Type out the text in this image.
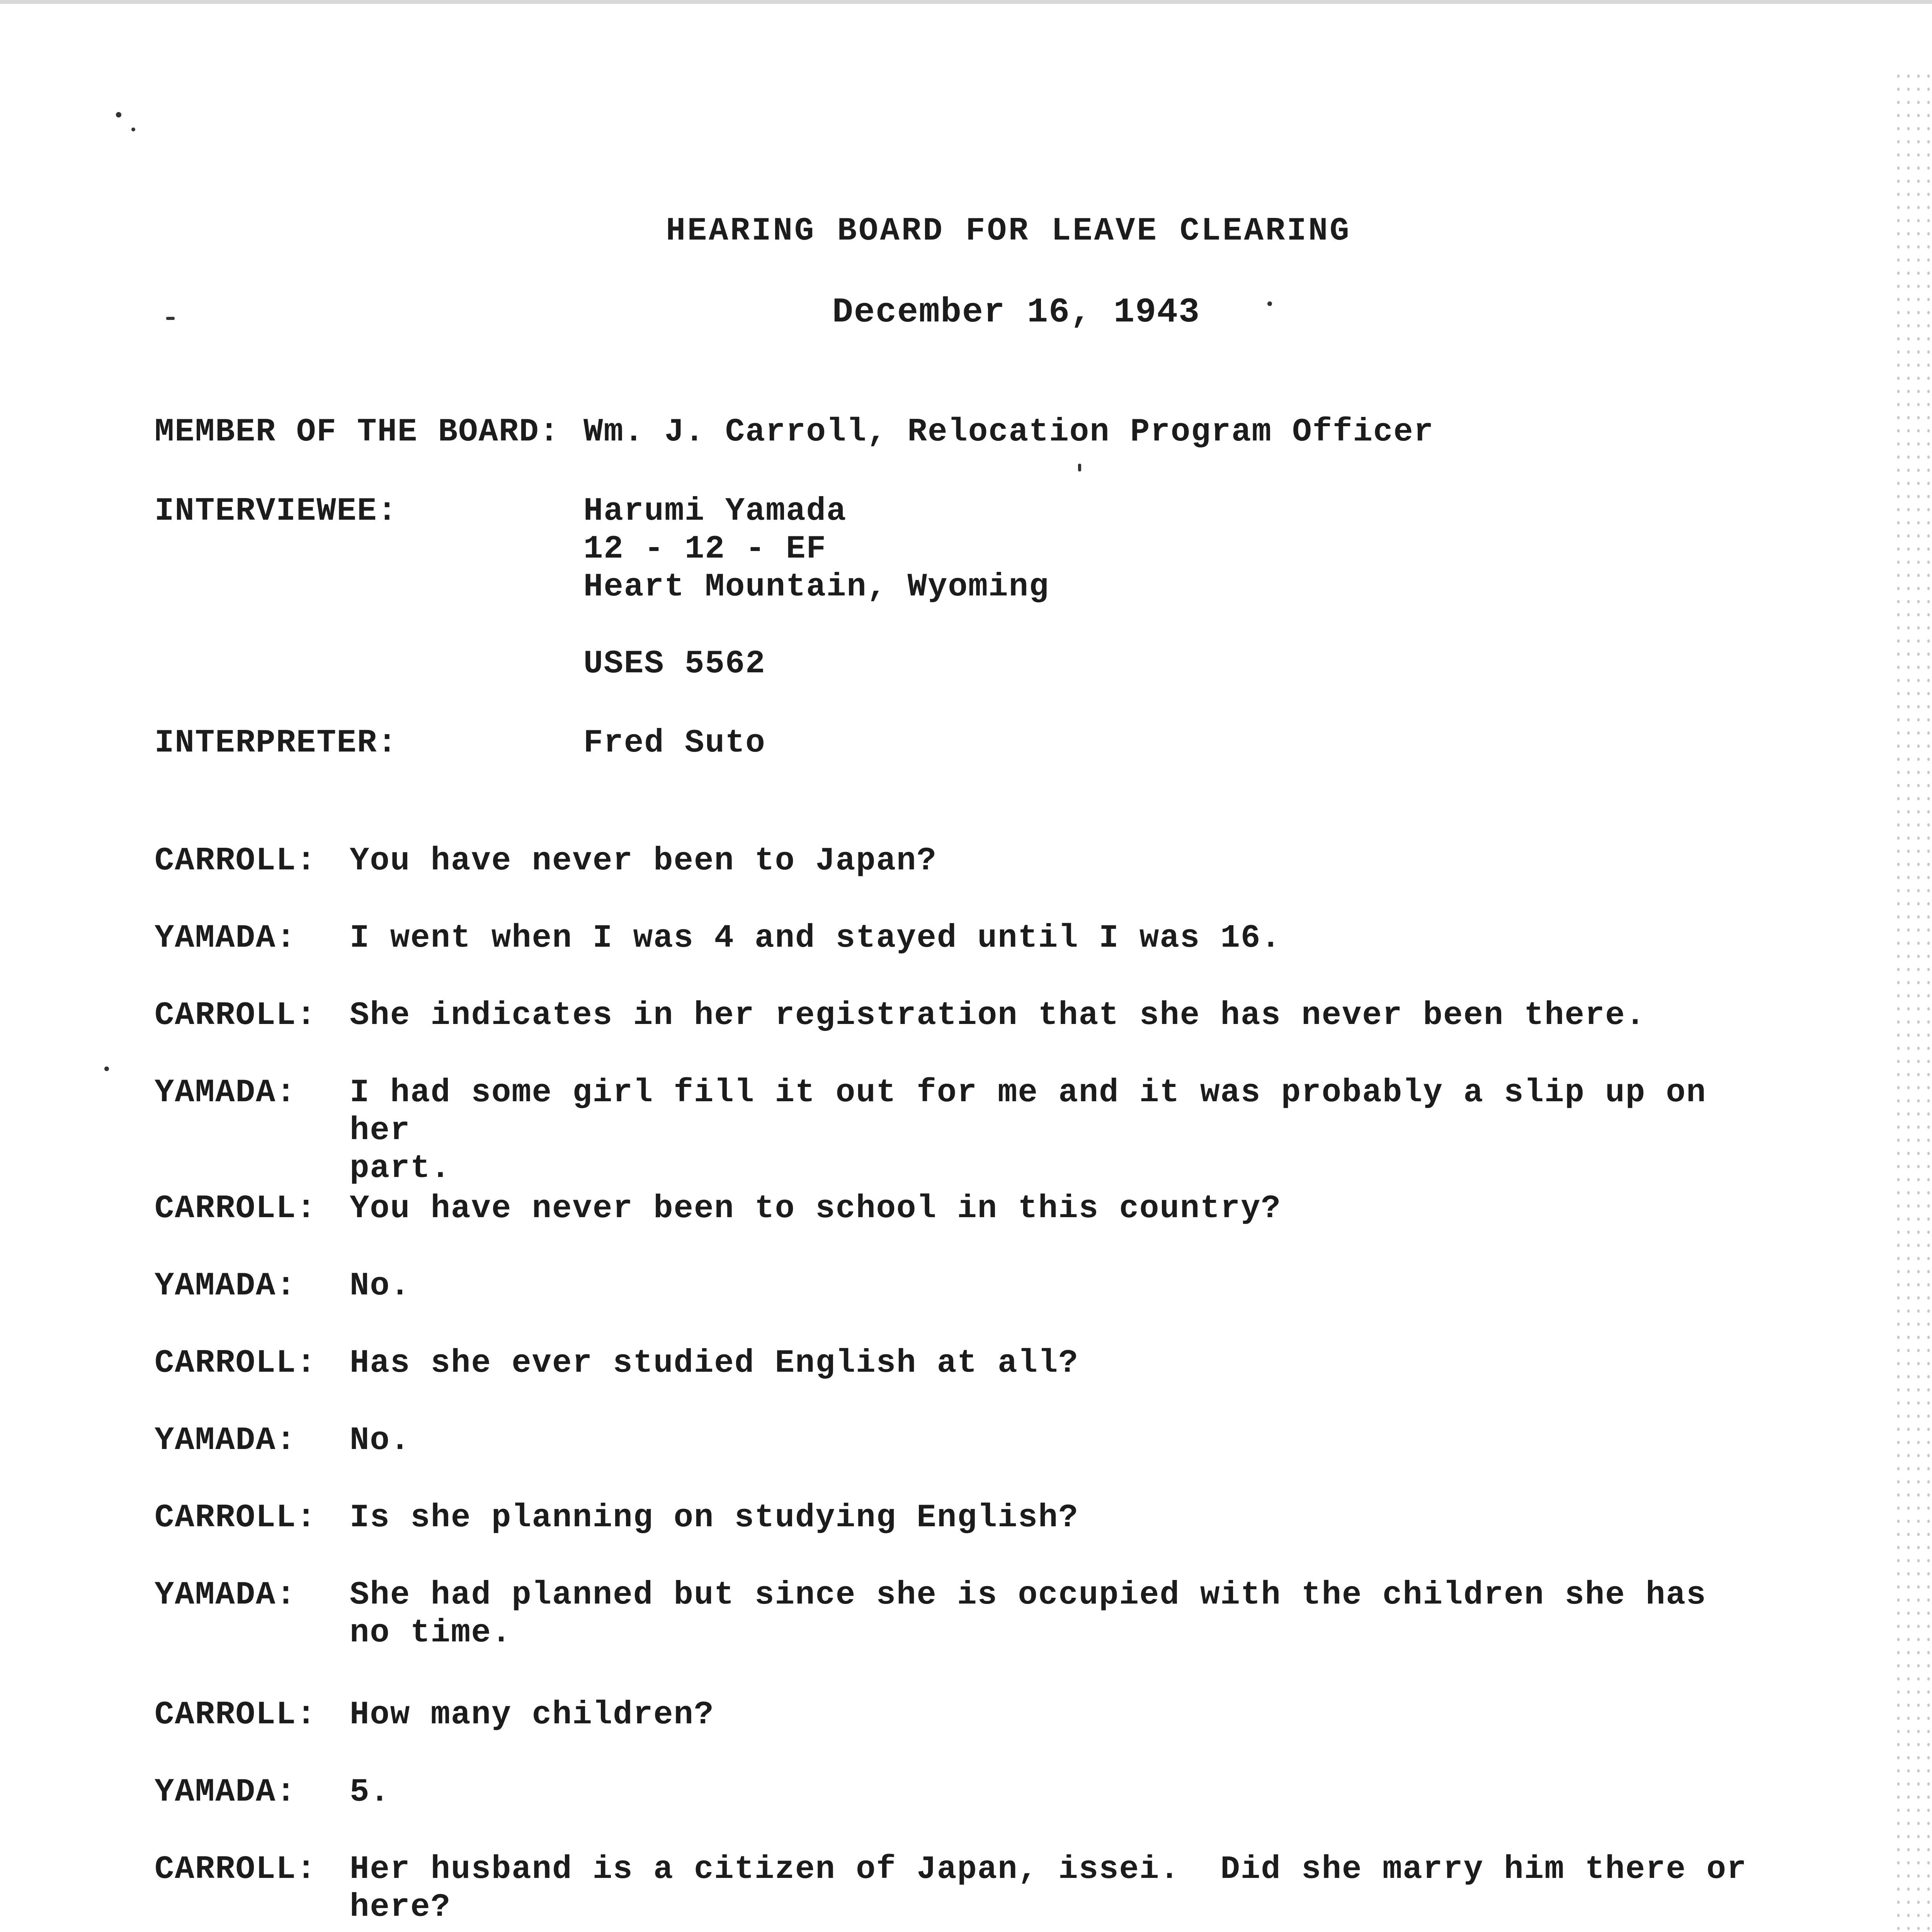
HEARING BOARD FOR LEAVE CLEARING
December 16, 1943
MEMBER OF THE BOARD: Wm. J. Carroll, Relocation Program Officer
INTERVIEWEE:	Harumi Yamada
12 - 12 - EF
Heart Mountain, Wyoming
USES 5562
INTERPRETER:	Fred Suto
CARROLL: You have never been to Japan?
YAMADA: I went when I was 4 and stayed until I was 16.
CARROLL: She indicates in her registration that she has never been there.
YAMADA: I had some girl fill it out for me and it was probably a slip up on her
part.
CARROLL: You have never been to school in this country?
YAMADA: No.
CARROLL: Has she ever studied English at all?
YAMADA: No.
CARROLL: Is she planning on studying English?
YAMADA: She had planned but since she is occupied with the children she has
no time.
CARROLL: How many children?
YAMADA: 5.
CARROLL: Her husband is a citizen of Japan, issei.  Did she marry him there or
here?
